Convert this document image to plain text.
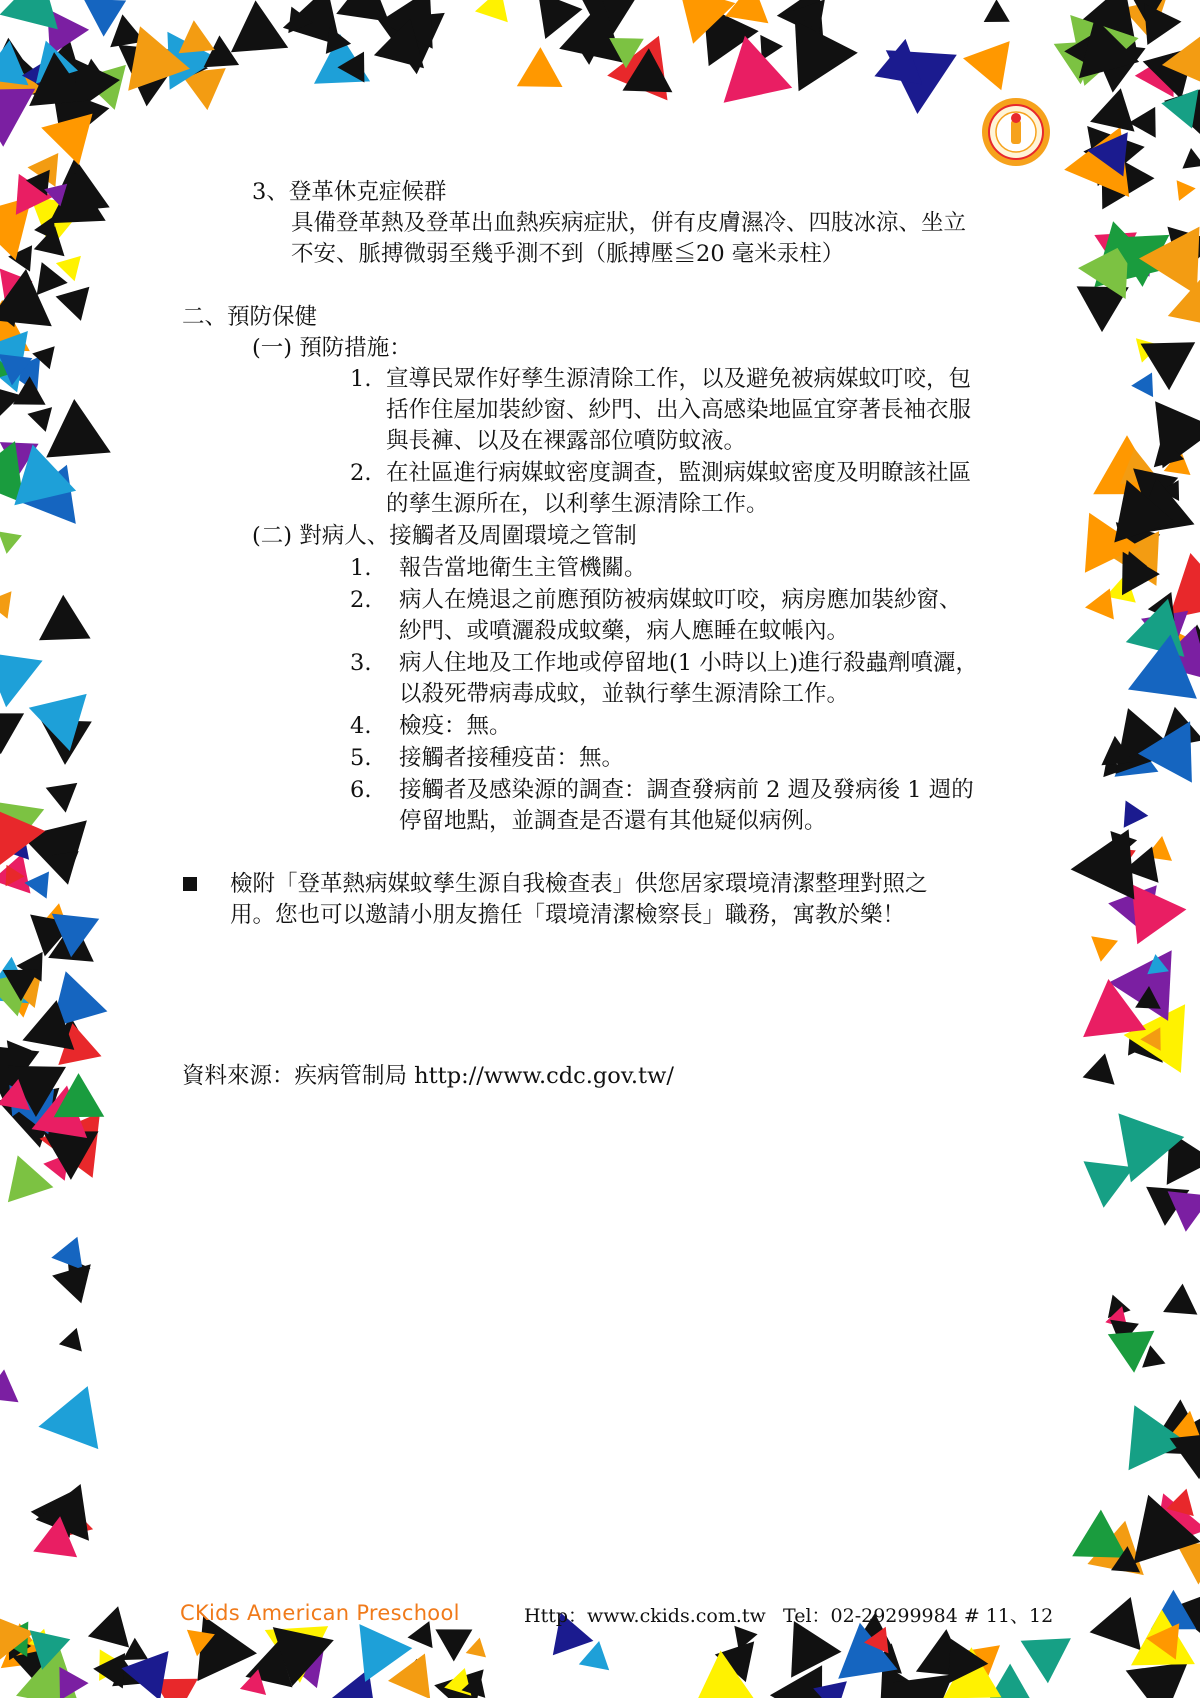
3、登革休克症候群
具備登革熱及登革出血熱疾病症狀，併有皮膚濕冷、四肢冰涼、坐立
不安、脈搏微弱至幾乎測不到（脈搏壓≦20 毫米汞柱）
二、預防保健
(一) 預防措施：
1. 宣導民眾作好孳生源清除工作，以及避免被病媒蚊叮咬，包
括作住屋加裝紗窗、紗門、出入高感染地區宜穿著長袖衣服
與長褲、以及在裸露部位噴防蚊液。
2. 在社區進行病媒蚊密度調查，監測病媒蚊密度及明瞭該社區
的孳生源所在，以利孳生源清除工作。
(二) 對病人、接觸者及周圍環境之管制
1. 報告當地衛生主管機關。
2. 病人在燒退之前應預防被病媒蚊叮咬，病房應加裝紗窗、
紗門、或噴灑殺成蚊藥，病人應睡在蚊帳內。
3. 病人住地及工作地或停留地(1 小時以上)進行殺蟲劑噴灑，
以殺死帶病毒成蚊，並執行孳生源清除工作。
4. 檢疫：無。
5. 接觸者接種疫苗：無。
6. 接觸者及感染源的調查：調查發病前 2 週及發病後 1 週的
停留地點，並調查是否還有其他疑似病例。
檢附「登革熱病媒蚊孳生源自我檢查表」供您居家環境清潔整理對照之
用。您也可以邀請小朋友擔任「環境清潔檢察長」職務，寓教於樂！
資料來源：疾病管制局 http://www.cdc.gov.tw/
CKids American Preschool	Http：www.ckids.com.tw Tel：02-29299984 # 11、12
